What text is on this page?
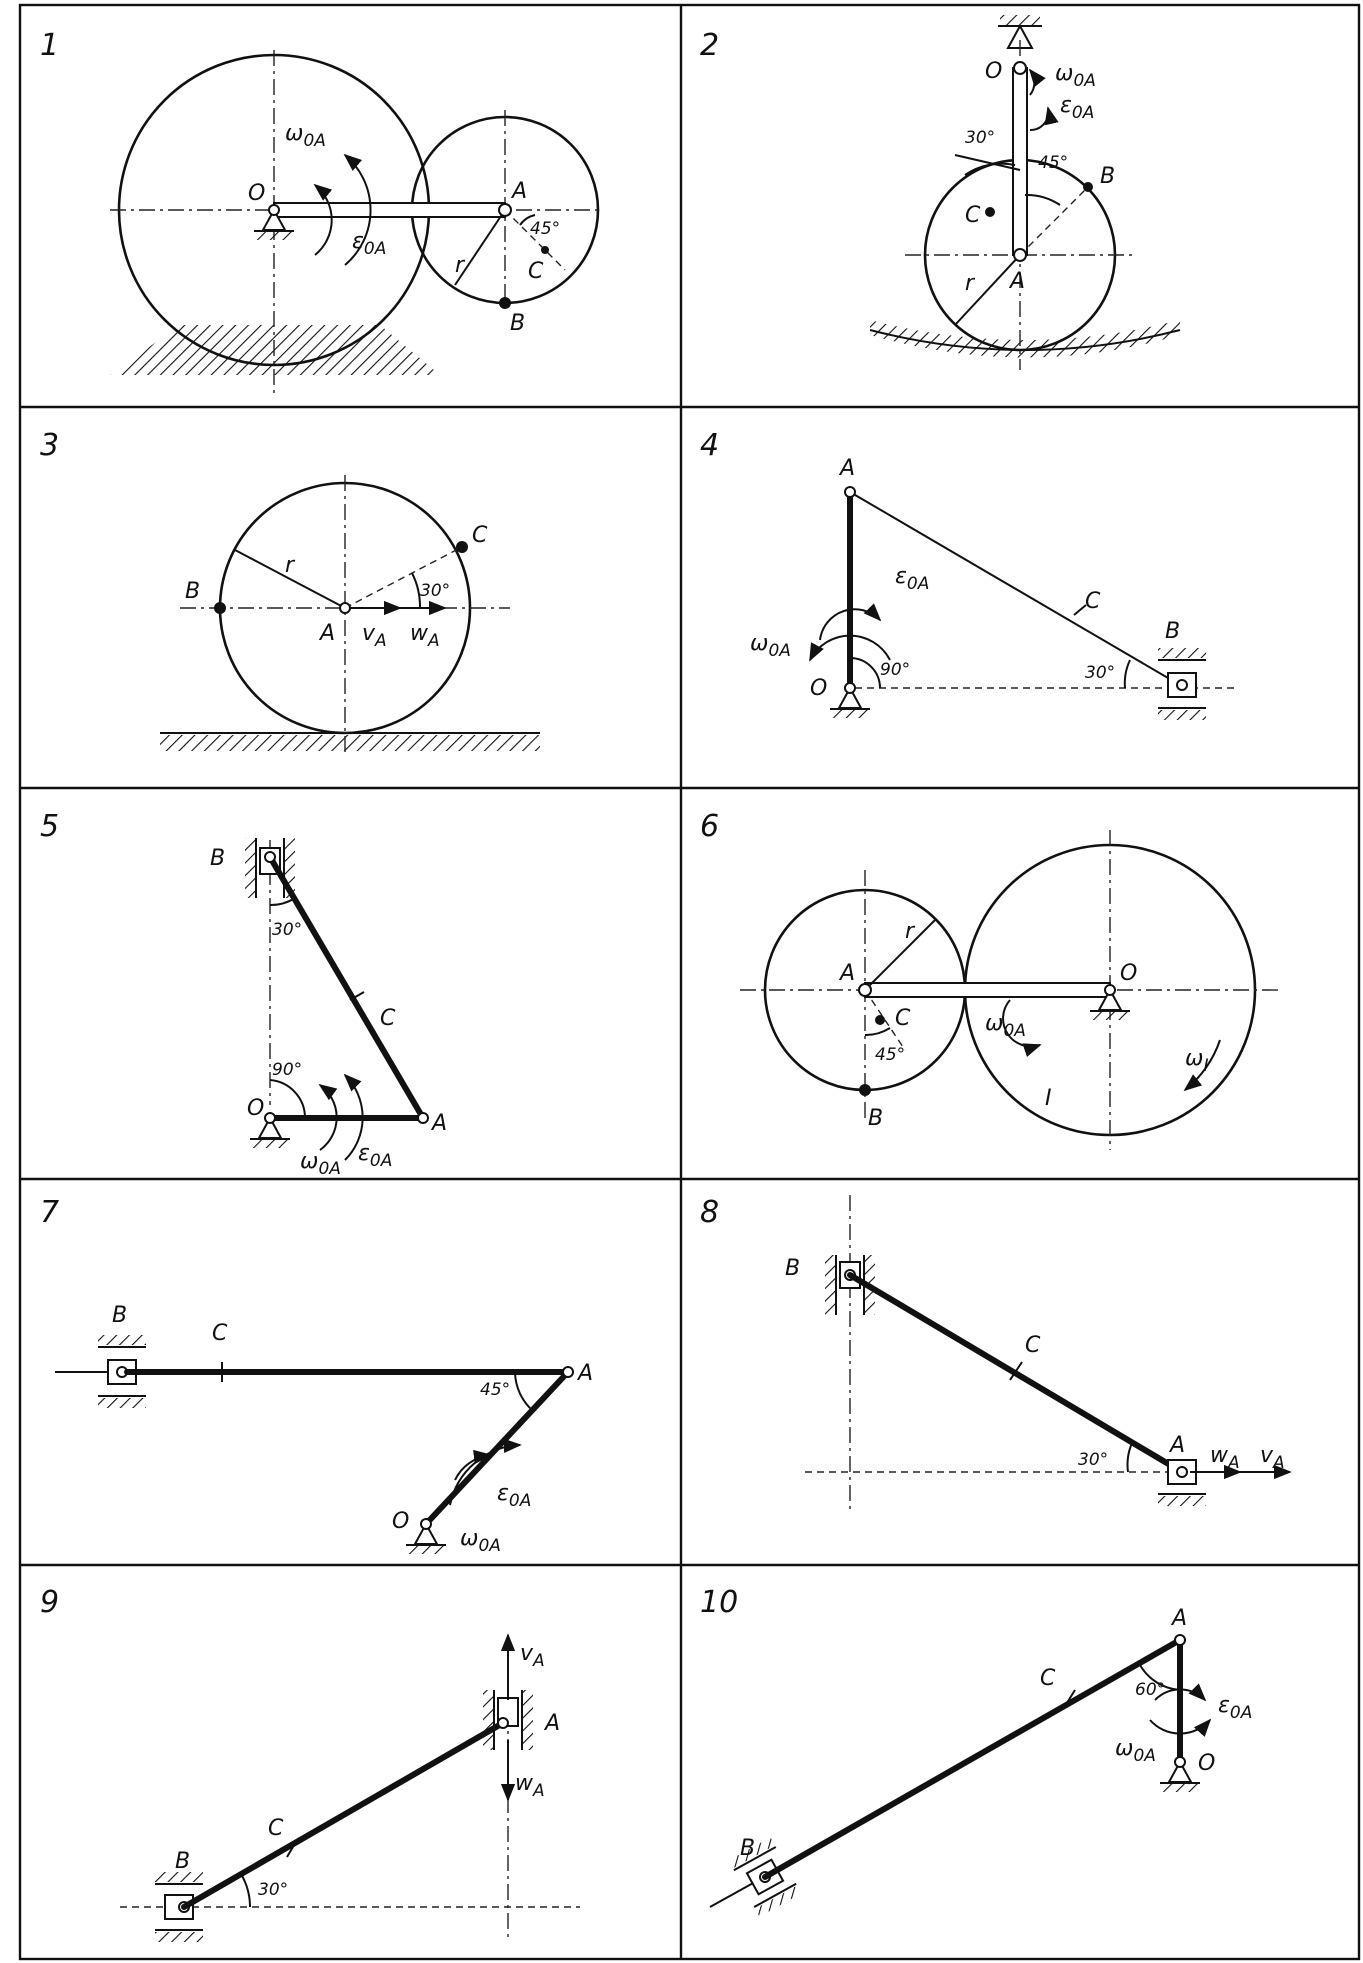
1
O	A
B
C
r
45°
$\omega_{0A}$
$\varepsilon_{0A}$
2
O
A
B
C
r
30°
45°
$\omega_{0A}$
$\varepsilon_{0A}$
3
A
B
C
r
30°
$v_A$ $w_A$
4
A
B
C
O
90°	30°
$\omega_{0A}$
$\varepsilon_{0A}$
5
B
C
O
A
30°
90°
$\omega_{0A}$
$\varepsilon_{0A}$
6
A	O
C
B
r
I
45°
$\omega_{0A}$
$\omega_I$
7
B
C
A
O
45°
$\omega_{0A}$
$\varepsilon_{0A}$
8
B
C
A
30°	$w_A$ $v_A$
9
B
C
A
30°
$v_A$
$w_A$
10
B
C
A
O
60°
$\omega_{0A}$
$\varepsilon_{0A}$
